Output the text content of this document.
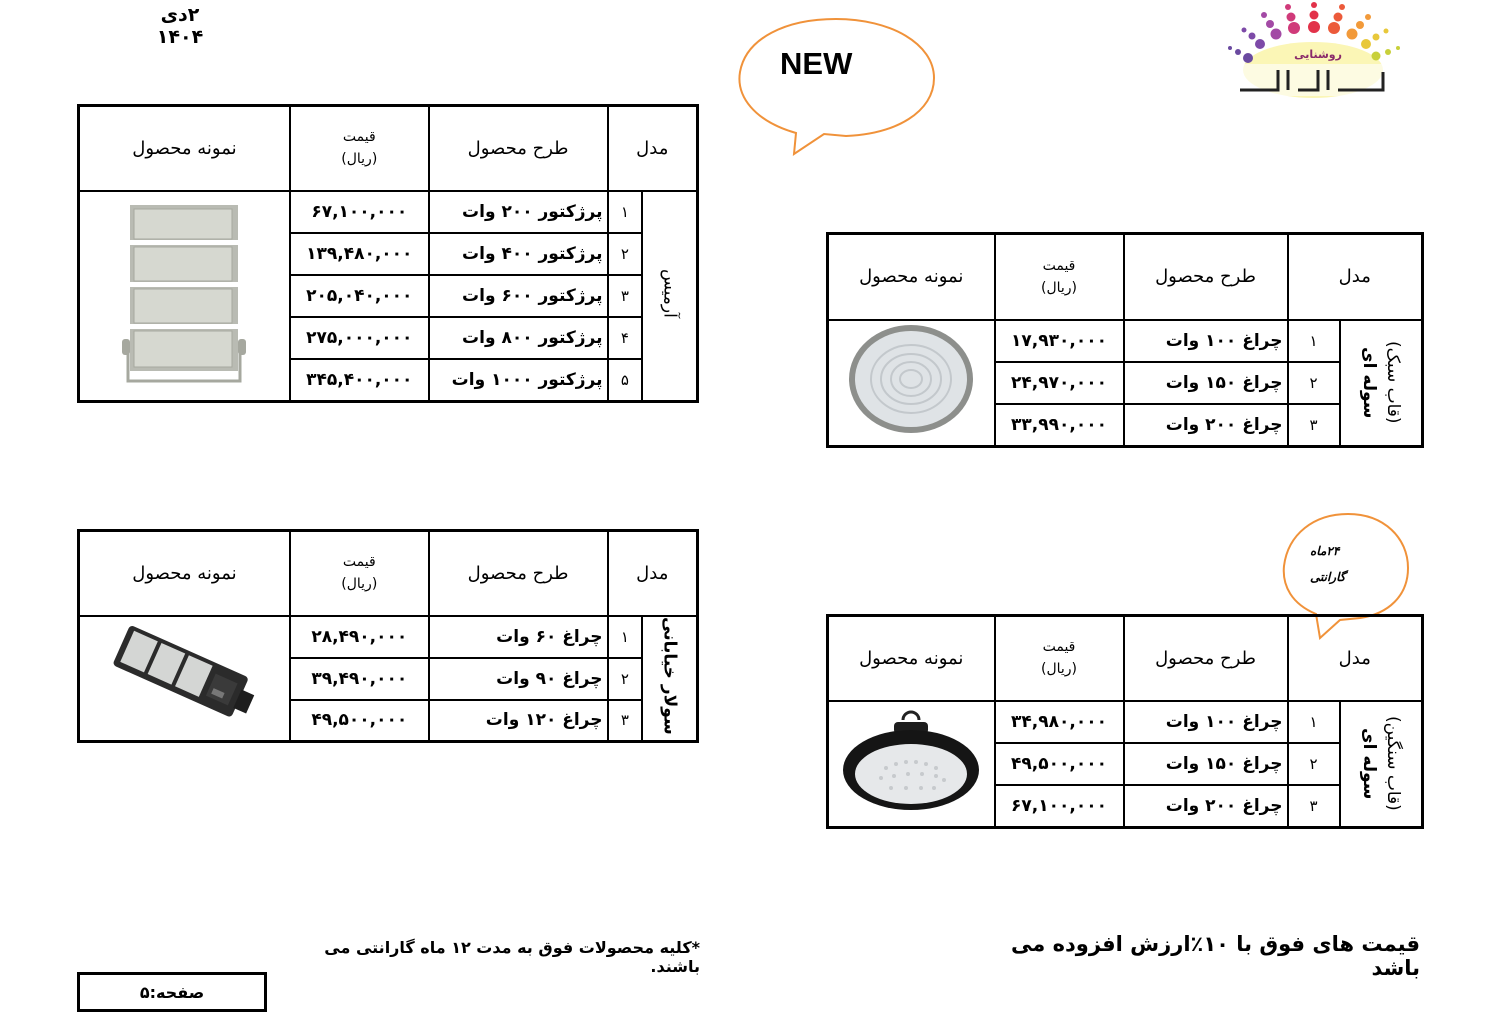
۲دی ۱۴۰۴
روشنایی
NEW
۲۴ماه
گارانتی
مدل		طرح محصول	قیمت
(ریال)	نمونه محصول
آرمیس	۱	پرژکتور ۲۰۰ وات	۶۷,۱۰۰,۰۰۰	
	۲	پرژکتور ۴۰۰ وات	۱۳۹,۴۸۰,۰۰۰	
	۳	پرژکتور ۶۰۰ وات	۲۰۵,۰۴۰,۰۰۰	
	۴	پرژکتور ۸۰۰ وات	۲۷۵,۰۰۰,۰۰۰	
	۵	پرژکتور ۱۰۰۰ وات	۳۴۵,۴۰۰,۰۰۰	
مدل		طرح محصول	قیمت
(ریال)	نمونه محصول

سوله ای (قاب سبک)	۱	چراغ ۱۰۰ وات	۱۷,۹۳۰,۰۰۰	
	۲	چراغ ۱۵۰ وات	۲۴,۹۷۰,۰۰۰	
	۳	چراغ ۲۰۰ وات	۳۳,۹۹۰,۰۰۰	
مدل		طرح محصول	قیمت
(ریال)	نمونه محصول
سولار خیابانی	۱	چراغ ۶۰ وات	۲۸,۴۹۰,۰۰۰	
	۲	چراغ ۹۰ وات	۳۹,۴۹۰,۰۰۰	
	۳	چراغ ۱۲۰ وات	۴۹,۵۰۰,۰۰۰	
مدل		طرح محصول	قیمت
(ریال)	نمونه محصول

سوله ای (قاب سنگین)	۱	چراغ ۱۰۰ وات	۳۴,۹۸۰,۰۰۰	
	۲	چراغ ۱۵۰ وات	۴۹,۵۰۰,۰۰۰	
	۳	چراغ ۲۰۰ وات	۶۷,۱۰۰,۰۰۰	
قیمت های فوق با ۱۰٪ارزش افزوده می باشد
*کلیه محصولات فوق به مدت ۱۲ ماه گارانتی می باشند.
صفحه:۵
